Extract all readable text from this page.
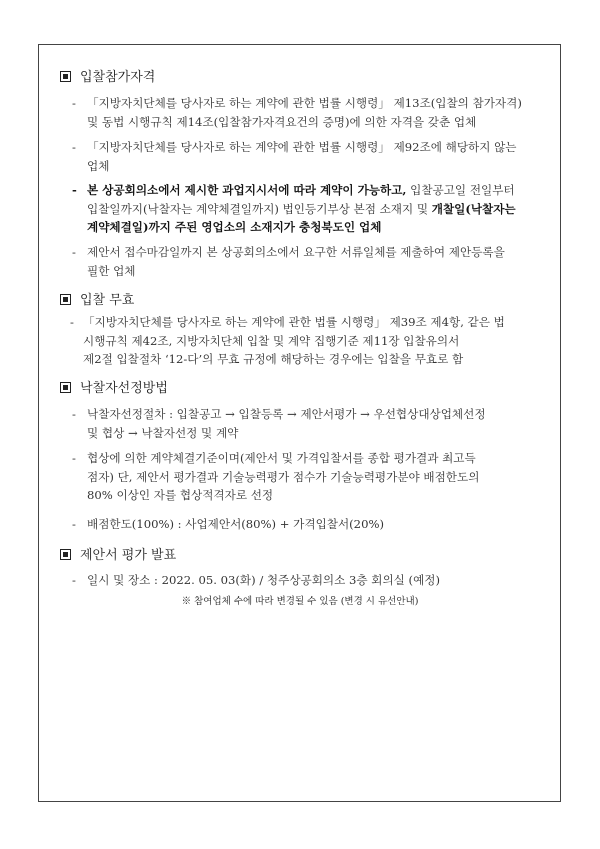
입찰참가자격
- 「지방자치단체를 당사자로 하는 계약에 관한 법률 시행령」 제13조(입찰의 참가자격)
및 동법 시행규칙 제14조(입찰참가자격요건의 증명)에 의한 자격을 갖춘 업체
- 「지방자치단체를 당사자로 하는 계약에 관한 법률 시행령」 제92조에 해당하지 않는
업체
- 본 상공회의소에서 제시한 과업지시서에 따라 계약이 가능하고, 입찰공고일 전일부터
입찰일까지(낙찰자는 계약체결일까지) 법인등기부상 본점 소재지 및 개찰일(낙찰자는
계약체결일)까지 주된 영업소의 소재지가 충청북도인 업체
- 제안서 접수마감일까지 본 상공회의소에서 요구한 서류일체를 제출하여 제안등록을
필한 업체
입찰 무효
- 「지방자치단체를 당사자로 하는 계약에 관한 법률 시행령」 제39조 제4항, 같은 법
시행규칙 제42조, 지방자치단체 입찰 및 계약 집행기준 제11장 입찰유의서
제2절 입찰절차 ‘12-다’의 무효 규정에 해당하는 경우에는 입찰을 무효로 함
낙찰자선정방법
- 낙찰자선정절차 : 입찰공고 → 입찰등록 → 제안서평가 → 우선협상대상업체선정
및 협상 → 낙찰자선정 및 계약
- 협상에 의한 계약체결기준이며(제안서 및 가격입찰서를 종합 평가결과 최고득
점자) 단, 제안서 평가결과 기술능력평가 점수가 기술능력평가분야 배점한도의
80% 이상인 자를 협상적격자로 선정
- 배점한도(100%) : 사업제안서(80%) + 가격입찰서(20%)
제안서 평가 발표
- 일시 및 장소 : 2022. 05. 03(화) / 청주상공회의소 3층 회의실 (예정)
※ 참여업체 수에 따라 변경될 수 있음 (변경 시 유선안내)
